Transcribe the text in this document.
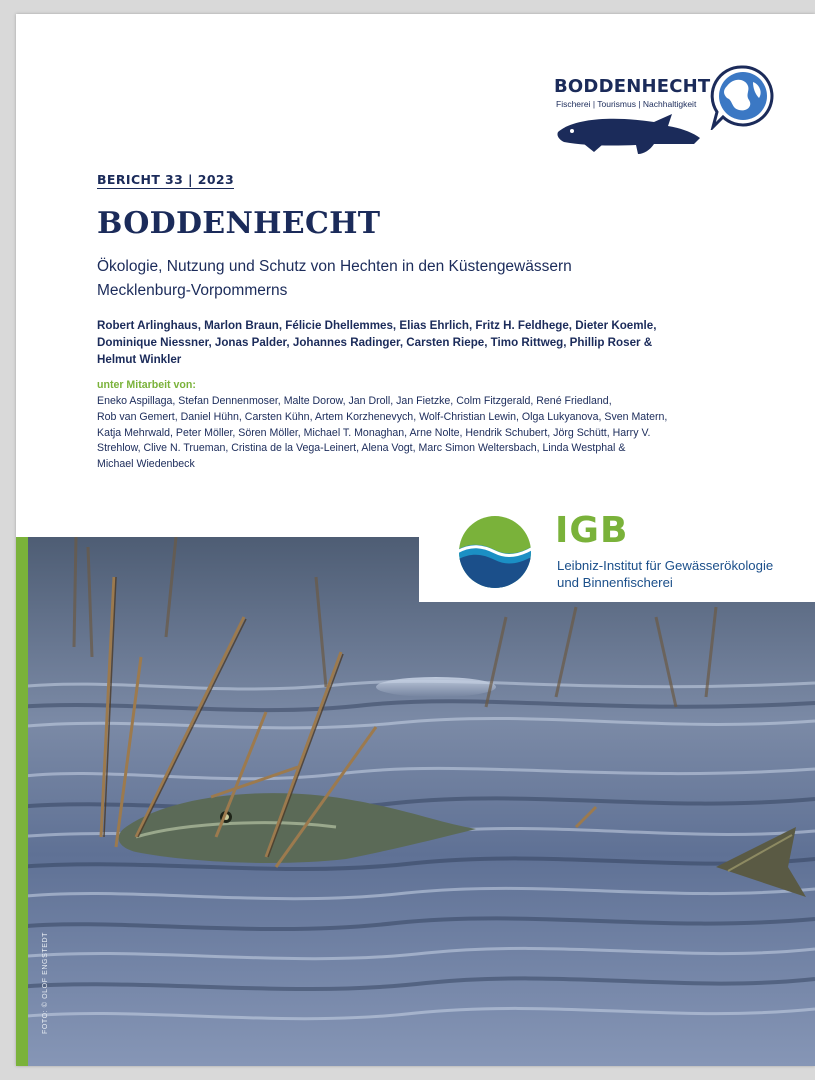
BODDENHECHT
Fischerei | Tourismus | Nachhaltigkeit
BERICHT 33 | 2023
BODDENHECHT
Ökologie, Nutzung und Schutz von Hechten in den Küstengewässern
Mecklenburg-Vorpommerns
Robert Arlinghaus, Marlon Braun, Félicie Dhellemmes, Elias Ehrlich, Fritz H. Feldhege, Dieter Koemle,
Dominique Niessner, Jonas Palder, Johannes Radinger, Carsten Riepe, Timo Rittweg, Phillip Roser &
Helmut Winkler
unter Mitarbeit von:
Eneko Aspillaga, Stefan Dennenmoser, Malte Dorow, Jan Droll, Jan Fietzke, Colm Fitzgerald, René Friedland,
Rob van Gemert, Daniel Hühn, Carsten Kühn, Artem Korzhenevych, Wolf-Christian Lewin, Olga Lukyanova, Sven Matern,
Katja Mehrwald, Peter Möller, Sören Möller, Michael T. Monaghan, Arne Nolte, Hendrik Schubert, Jörg Schütt, Harry V.
Strehlow, Clive N. Trueman, Cristina de la Vega-Leinert, Alena Vogt, Marc Simon Weltersbach, Linda Westphal &
Michael Wiedenbeck
FOTO: © OLOF ENGSTEDT
IGB
Leibniz-Institut für Gewässerökologie
und Binnenfischerei
